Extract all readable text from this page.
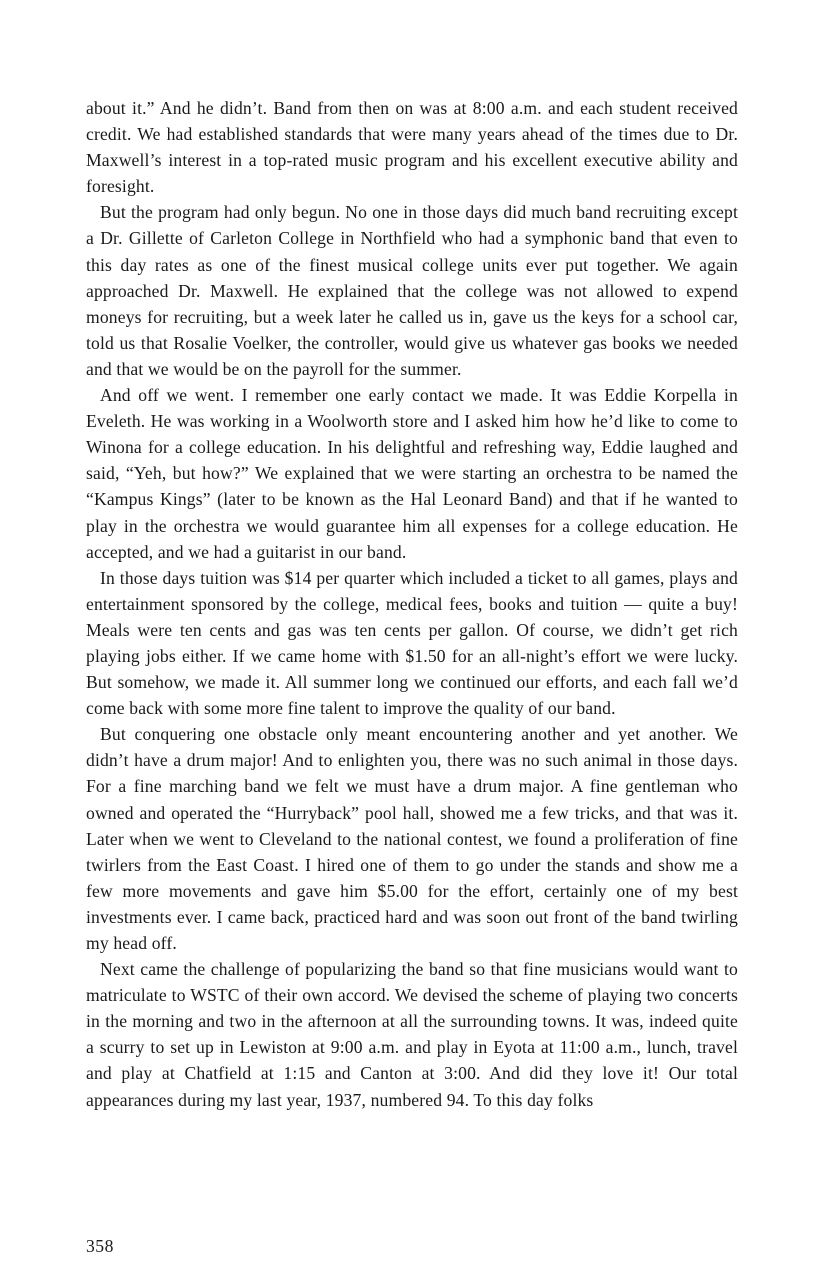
about it.” And he didn’t. Band from then on was at 8:00 a.m. and each student received credit. We had established standards that were many years ahead of the times due to Dr. Maxwell’s interest in a top-rated music program and his excellent executive ability and foresight.

But the program had only begun. No one in those days did much band recruiting except a Dr. Gillette of Carleton College in Northfield who had a symphonic band that even to this day rates as one of the finest musical college units ever put together. We again approached Dr. Maxwell. He explained that the college was not allowed to expend moneys for recruiting, but a week later he called us in, gave us the keys for a school car, told us that Rosalie Voelker, the controller, would give us whatever gas books we needed and that we would be on the payroll for the summer.

And off we went. I remember one early contact we made. It was Eddie Korpella in Eveleth. He was working in a Woolworth store and I asked him how he’d like to come to Winona for a college education. In his delightful and refreshing way, Eddie laughed and said, “Yeh, but how?” We explained that we were starting an orchestra to be named the “Kampus Kings” (later to be known as the Hal Leonard Band) and that if he wanted to play in the orchestra we would guarantee him all expenses for a college education. He accepted, and we had a guitarist in our band.

In those days tuition was $14 per quarter which included a ticket to all games, plays and entertainment sponsored by the college, medical fees, books and tuition — quite a buy! Meals were ten cents and gas was ten cents per gallon. Of course, we didn’t get rich playing jobs either. If we came home with $1.50 for an all-night’s effort we were lucky. But somehow, we made it. All summer long we continued our efforts, and each fall we’d come back with some more fine talent to improve the quality of our band.

But conquering one obstacle only meant encountering another and yet another. We didn’t have a drum major! And to enlighten you, there was no such animal in those days. For a fine marching band we felt we must have a drum major. A fine gentleman who owned and operated the “Hurryback” pool hall, showed me a few tricks, and that was it. Later when we went to Cleveland to the national contest, we found a proliferation of fine twirlers from the East Coast. I hired one of them to go under the stands and show me a few more movements and gave him $5.00 for the effort, certainly one of my best investments ever. I came back, practiced hard and was soon out front of the band twirling my head off.

Next came the challenge of popularizing the band so that fine musicians would want to matriculate to WSTC of their own accord. We devised the scheme of playing two concerts in the morning and two in the afternoon at all the surrounding towns. It was, indeed quite a scurry to set up in Lewiston at 9:00 a.m. and play in Eyota at 11:00 a.m., lunch, travel and play at Chatfield at 1:15 and Canton at 3:00. And did they love it! Our total appearances during my last year, 1937, numbered 94. To this day folks

358
